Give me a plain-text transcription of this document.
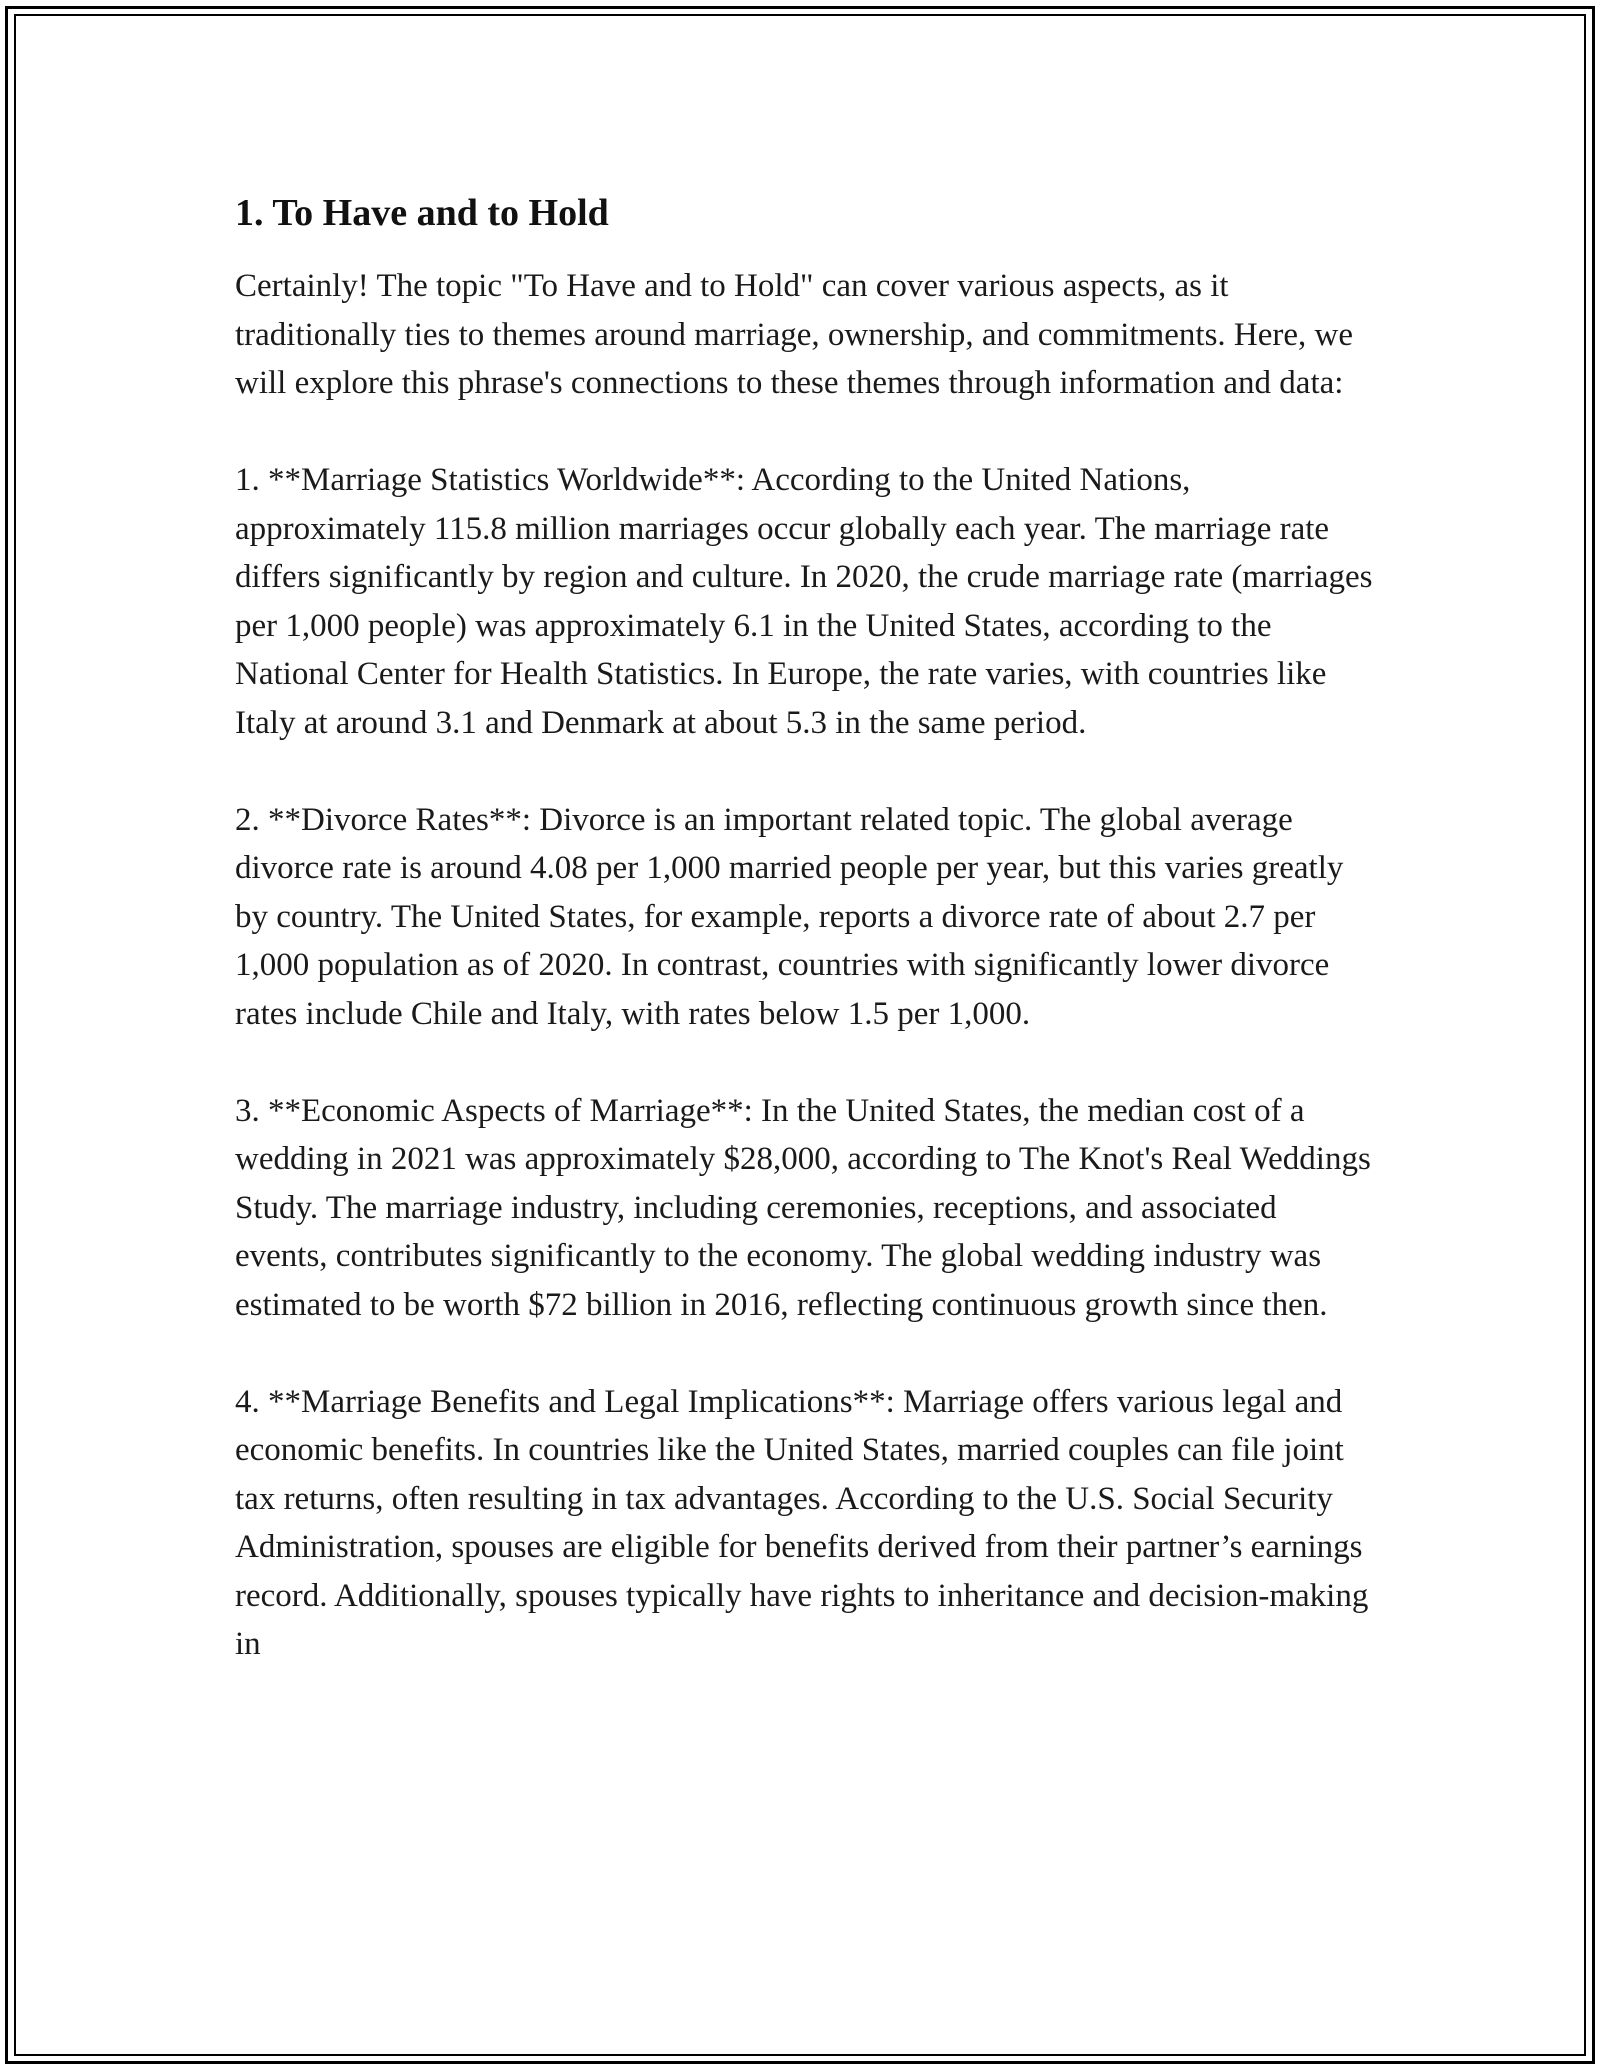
1. To Have and to Hold

Certainly! The topic "To Have and to Hold" can cover various aspects, as it traditionally ties to themes around marriage, ownership, and commitments. Here, we will explore this phrase's connections to these themes through information and data:

1. **Marriage Statistics Worldwide**: According to the United Nations, approximately 115.8 million marriages occur globally each year. The marriage rate differs significantly by region and culture. In 2020, the crude marriage rate (marriages per 1,000 people) was approximately 6.1 in the United States, according to the National Center for Health Statistics. In Europe, the rate varies, with countries like Italy at around 3.1 and Denmark at about 5.3 in the same period.

2. **Divorce Rates**: Divorce is an important related topic. The global average divorce rate is around 4.08 per 1,000 married people per year, but this varies greatly by country. The United States, for example, reports a divorce rate of about 2.7 per 1,000 population as of 2020. In contrast, countries with significantly lower divorce rates include Chile and Italy, with rates below 1.5 per 1,000.

3. **Economic Aspects of Marriage**: In the United States, the median cost of a wedding in 2021 was approximately $28,000, according to The Knot's Real Weddings Study. The marriage industry, including ceremonies, receptions, and associated events, contributes significantly to the economy. The global wedding industry was estimated to be worth $72 billion in 2016, reflecting continuous growth since then.

4. **Marriage Benefits and Legal Implications**: Marriage offers various legal and economic benefits. In countries like the United States, married couples can file joint tax returns, often resulting in tax advantages. According to the U.S. Social Security Administration, spouses are eligible for benefits derived from their partner’s earnings record. Additionally, spouses typically have rights to inheritance and decision-making in
